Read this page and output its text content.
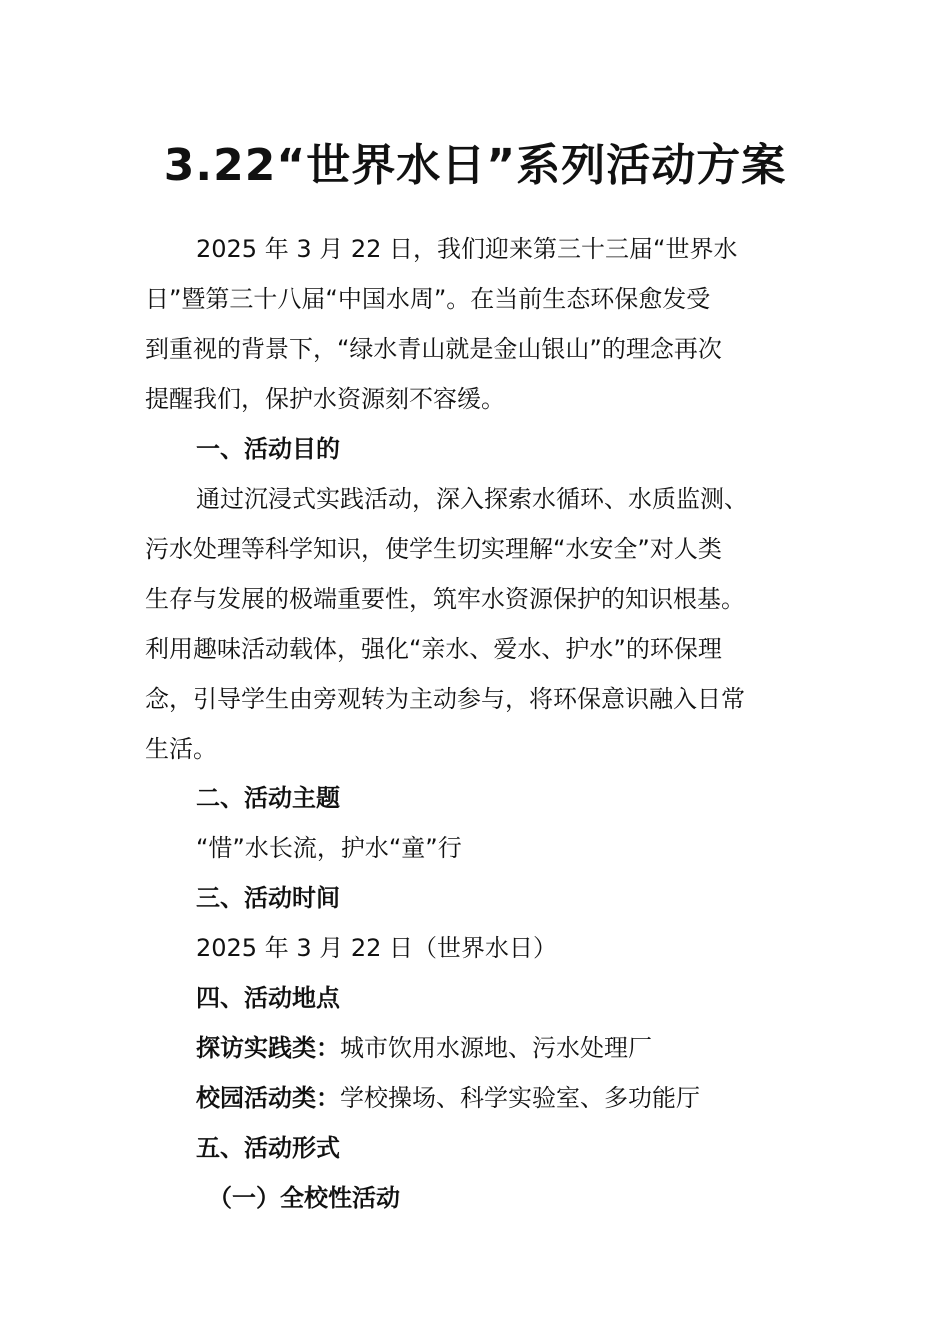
3.22“世界水日”系列活动方案
2025 年 3 月 22 日，我们迎来第三十三届“世界水
日”暨第三十八届“中国水周”。在当前生态环保愈发受
到重视的背景下，“绿水青山就是金山银山”的理念再次
提醒我们，保护水资源刻不容缓。
一、活动目的
通过沉浸式实践活动，深入探索水循环、水质监测、
污水处理等科学知识，使学生切实理解“水安全”对人类
生存与发展的极端重要性，筑牢水资源保护的知识根基。
利用趣味活动载体，强化“亲水、爱水、护水”的环保理
念，引导学生由旁观转为主动参与，将环保意识融入日常
生活。
二、活动主题
“惜”水长流，护水“童”行
三、活动时间
2025 年 3 月 22 日（世界水日）
四、活动地点
探访实践类：城市饮用水源地、污水处理厂
校园活动类：学校操场、科学实验室、多功能厅
五、活动形式
（一）全校性活动
